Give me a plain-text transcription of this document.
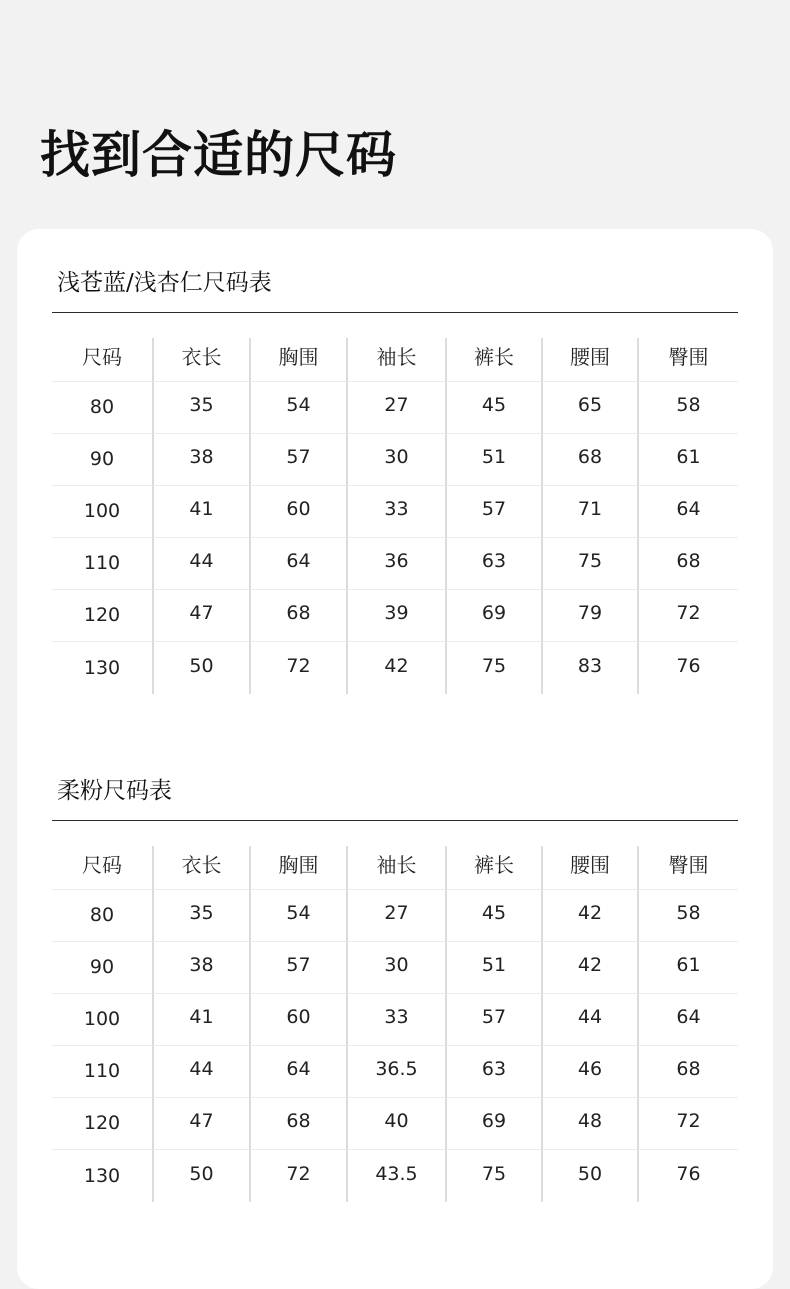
找到合适的尺码
浅苍蓝/浅杏仁尺码表
尺码	衣长	胸围	袖长	裤长	腰围	臀围
80	35	54	27	45	65	58
90	38	57	30	51	68	61
100	41	60	33	57	71	64
110	44	64	36	63	75	68
120	47	68	39	69	79	72
130	50	72	42	75	83	76
柔粉尺码表
尺码	衣长	胸围	袖长	裤长	腰围	臀围
80	35	54	27	45	42	58
90	38	57	30	51	42	61
100	41	60	33	57	44	64
110	44	64	36.5	63	46	68
120	47	68	40	69	48	72
130	50	72	43.5	75	50	76
